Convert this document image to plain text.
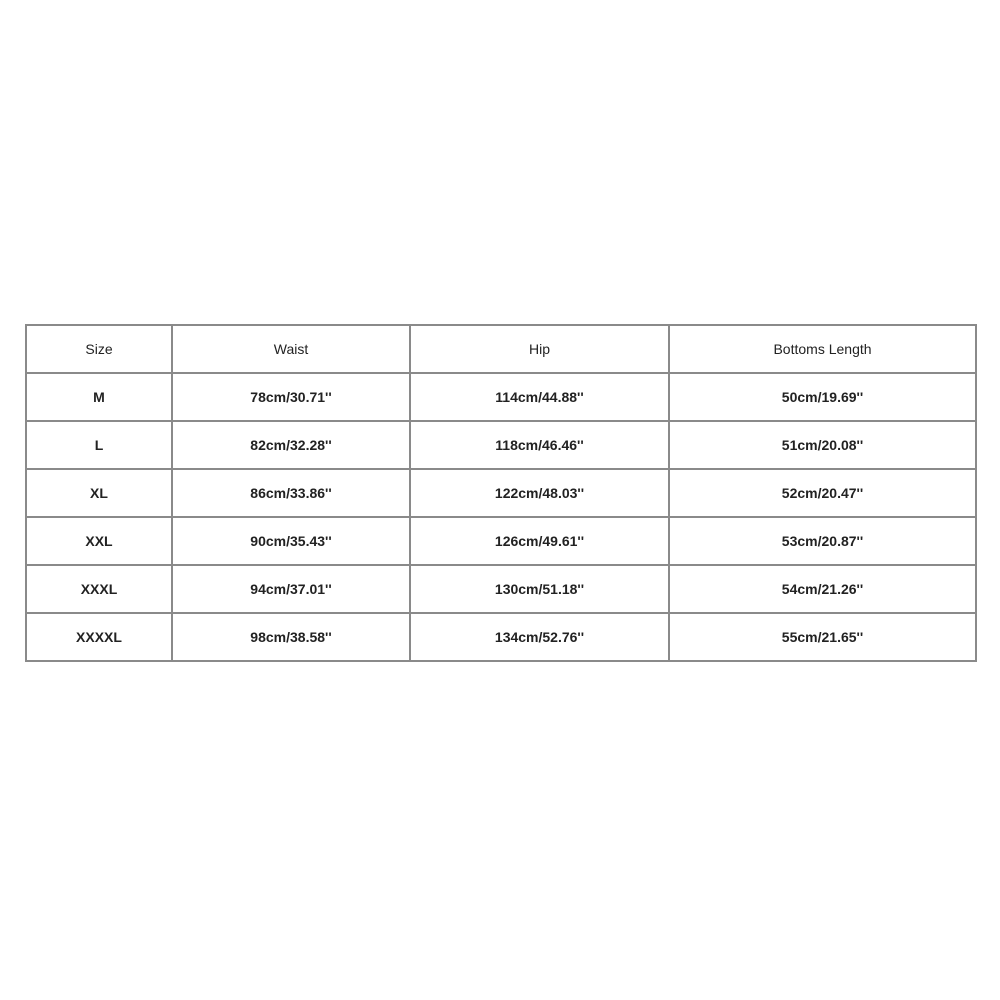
Size	Waist	Hip	Bottoms Length
M	78cm/30.71''	114cm/44.88''	50cm/19.69''
L	82cm/32.28''	118cm/46.46''	51cm/20.08''
XL	86cm/33.86''	122cm/48.03''	52cm/20.47''
XXL	90cm/35.43''	126cm/49.61''	53cm/20.87''
XXXL	94cm/37.01''	130cm/51.18''	54cm/21.26''
XXXXL	98cm/38.58''	134cm/52.76''	55cm/21.65''
